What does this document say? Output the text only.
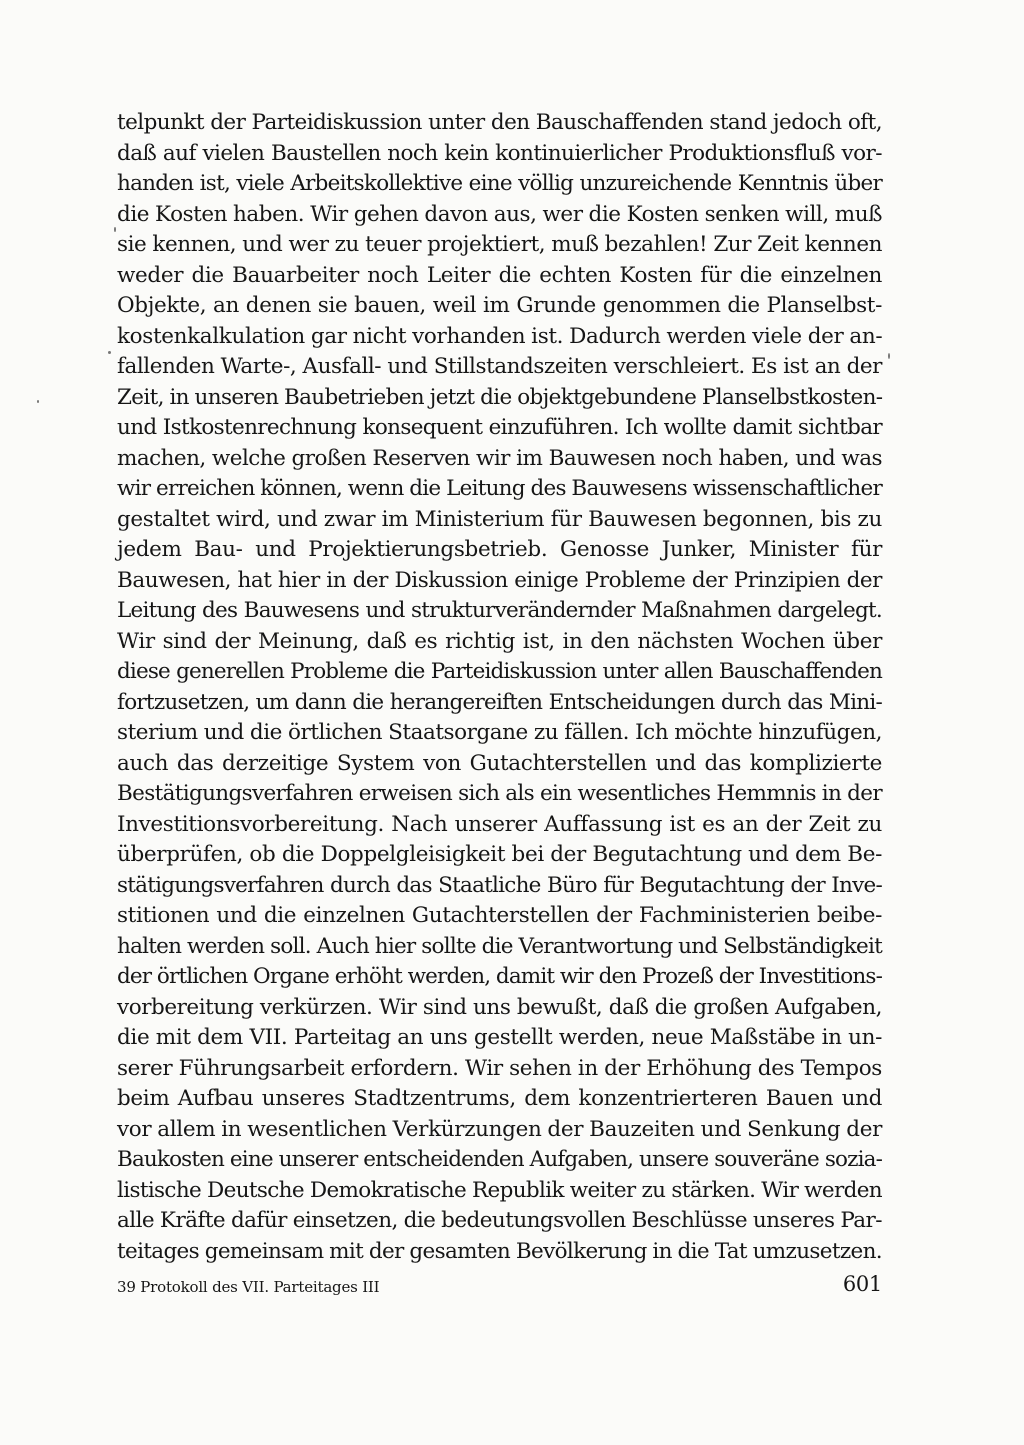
telpunkt der Parteidiskussion unter den Bauschaffenden stand jedoch oft,
daß auf vielen Baustellen noch kein kontinuierlicher Produktionsfluß vor-
handen ist, viele Arbeitskollektive eine völlig unzureichende Kenntnis über
die Kosten haben. Wir gehen davon aus, wer die Kosten senken will, muß
sie kennen, und wer zu teuer projektiert, muß bezahlen! Zur Zeit kennen
weder die Bauarbeiter noch Leiter die echten Kosten für die einzelnen
Objekte, an denen sie bauen, weil im Grunde genommen die Planselbst-
kostenkalkulation gar nicht vorhanden ist. Dadurch werden viele der an-
fallenden Warte-, Ausfall- und Stillstandszeiten verschleiert. Es ist an der
Zeit, in unseren Baubetrieben jetzt die objektgebundene Planselbstkosten-
und Istkostenrechnung konsequent einzuführen. Ich wollte damit sichtbar
machen, welche großen Reserven wir im Bauwesen noch haben, und was
wir erreichen können, wenn die Leitung des Bauwesens wissenschaftlicher
gestaltet wird, und zwar im Ministerium für Bauwesen begonnen, bis zu
jedem Bau- und Projektierungsbetrieb. Genosse Junker, Minister für
Bauwesen, hat hier in der Diskussion einige Probleme der Prinzipien der
Leitung des Bauwesens und strukturverändernder Maßnahmen dargelegt.
Wir sind der Meinung, daß es richtig ist, in den nächsten Wochen über
diese generellen Probleme die Parteidiskussion unter allen Bauschaffenden
fortzusetzen, um dann die herangereiften Entscheidungen durch das Mini-
sterium und die örtlichen Staatsorgane zu fällen. Ich möchte hinzufügen,
auch das derzeitige System von Gutachterstellen und das komplizierte
Bestätigungsverfahren erweisen sich als ein wesentliches Hemmnis in der
Investitionsvorbereitung. Nach unserer Auffassung ist es an der Zeit zu
überprüfen, ob die Doppelgleisigkeit bei der Begutachtung und dem Be-
stätigungsverfahren durch das Staatliche Büro für Begutachtung der Inve-
stitionen und die einzelnen Gutachterstellen der Fachministerien beibe-
halten werden soll. Auch hier sollte die Verantwortung und Selbständigkeit
der örtlichen Organe erhöht werden, damit wir den Prozeß der Investitions-
vorbereitung verkürzen. Wir sind uns bewußt, daß die großen Aufgaben,
die mit dem VII. Parteitag an uns gestellt werden, neue Maßstäbe in un-
serer Führungsarbeit erfordern. Wir sehen in der Erhöhung des Tempos
beim Aufbau unseres Stadtzentrums, dem konzentrierteren Bauen und
vor allem in wesentlichen Verkürzungen der Bauzeiten und Senkung der
Baukosten eine unserer entscheidenden Aufgaben, unsere souveräne sozia-
listische Deutsche Demokratische Republik weiter zu stärken. Wir werden
alle Kräfte dafür einsetzen, die bedeutungsvollen Beschlüsse unseres Par-
teitages gemeinsam mit der gesamten Bevölkerung in die Tat umzusetzen.
39 Protokoll des VII. Parteitages III	601
